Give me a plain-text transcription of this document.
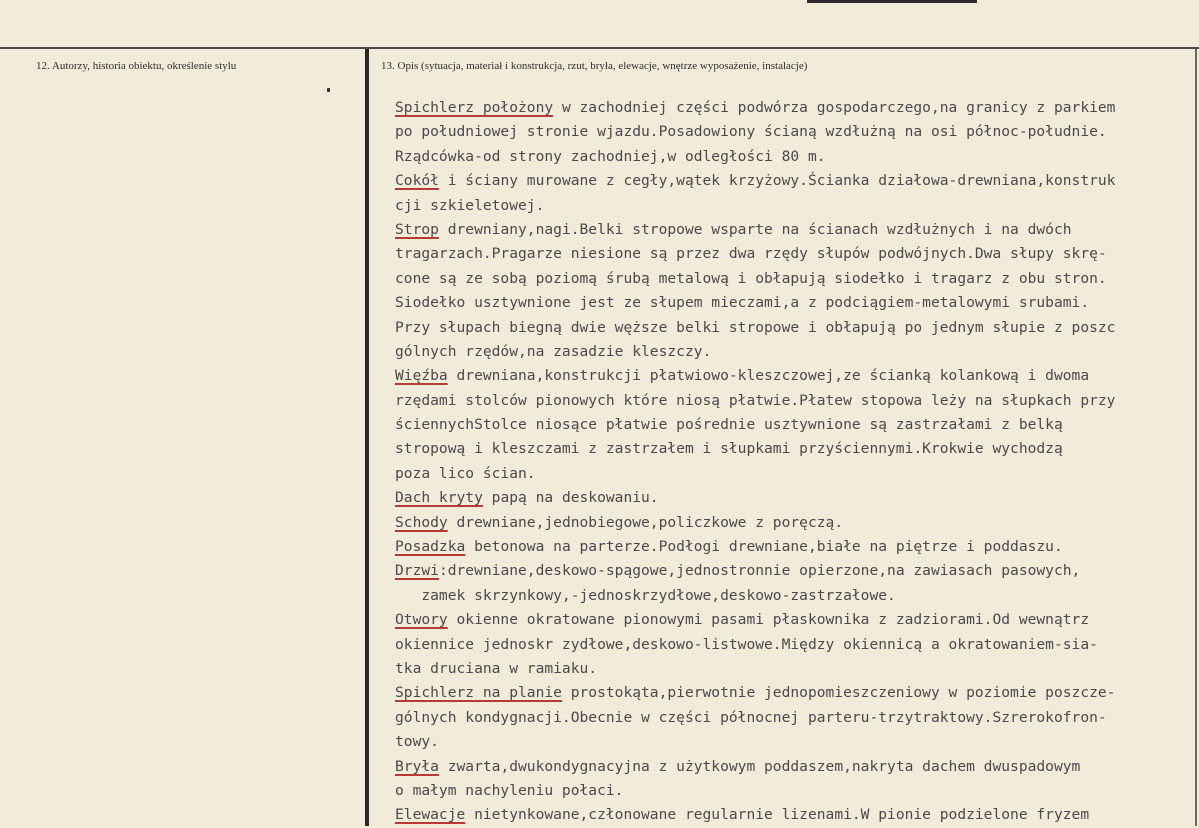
12. Autorzy, historia obiektu, określenie stylu	13. Opis (sytuacja, materiał i konstrukcja, rzut, bryła, elewacje, wnętrze wyposażenie, instalacje)
Spichlerz położony w zachodniej części podwórza gospodarczego,na granicy z parkiem
po południowej stronie wjazdu.Posadowiony ścianą wzdłużną na osi północ-południe.
Rządcówka-od strony zachodniej,w odległości 80 m.
Cokół i ściany murowane z cegły,wątek krzyżowy.Ścianka działowa-drewniana,konstruk
cji szkieletowej.
Strop drewniany,nagi.Belki stropowe wsparte na ścianach wzdłużnych i na dwóch
tragarzach.Pragarze niesione są przez dwa rzędy słupów podwójnych.Dwa słupy skrę-
cone są ze sobą poziomą śrubą metalową i obłapują siodełko i tragarz z obu stron.
Siodełko usztywnione jest ze słupem mieczami,a z podciągiem-metalowymi srubami.
Przy słupach biegną dwie węższe belki stropowe i obłapują po jednym słupie z poszc
gólnych rzędów,na zasadzie kleszczy.
Więźba drewniana,konstrukcji płatwiowo-kleszczowej,ze ścianką kolankową i dwoma
rzędami stolców pionowych które niosą płatwie.Płatew stopowa leży na słupkach przy
ściennychStolce niosące płatwie pośrednie usztywnione są zastrzałami z belką
stropową i kleszczami z zastrzałem i słupkami przyściennymi.Krokwie wychodzą
poza lico ścian.
Dach kryty papą na deskowaniu.
Schody drewniane,jednobiegowe,policzkowe z poręczą.
Posadzka betonowa na parterze.Podłogi drewniane,białe na piętrze i poddaszu.
Drzwi:drewniane,deskowo-spągowe,jednostronnie opierzone,na zawiasach pasowych,
zamek skrzynkowy,-jednoskrzydłowe,deskowo-zastrzałowe.
Otwory okienne okratowane pionowymi pasami płaskownika z zadziorami.Od wewnątrz
okiennice jednoskr zydłowe,deskowo-listwowe.Między okiennicą a okratowaniem-sia-
tka druciana w ramiaku.
Spichlerz na planie prostokąta,pierwotnie jednopomieszczeniowy w poziomie poszcze-
gólnych kondygnacji.Obecnie w części północnej parteru-trzytraktowy.Szrerokofron-
towy.
Bryła zwarta,dwukondygnacyjna z użytkowym poddaszem,nakryta dachem dwuspadowym
o małym nachyleniu połaci.
Elewacje nietynkowane,członowane regularnie lizenami.W pionie podzielone fryzem
